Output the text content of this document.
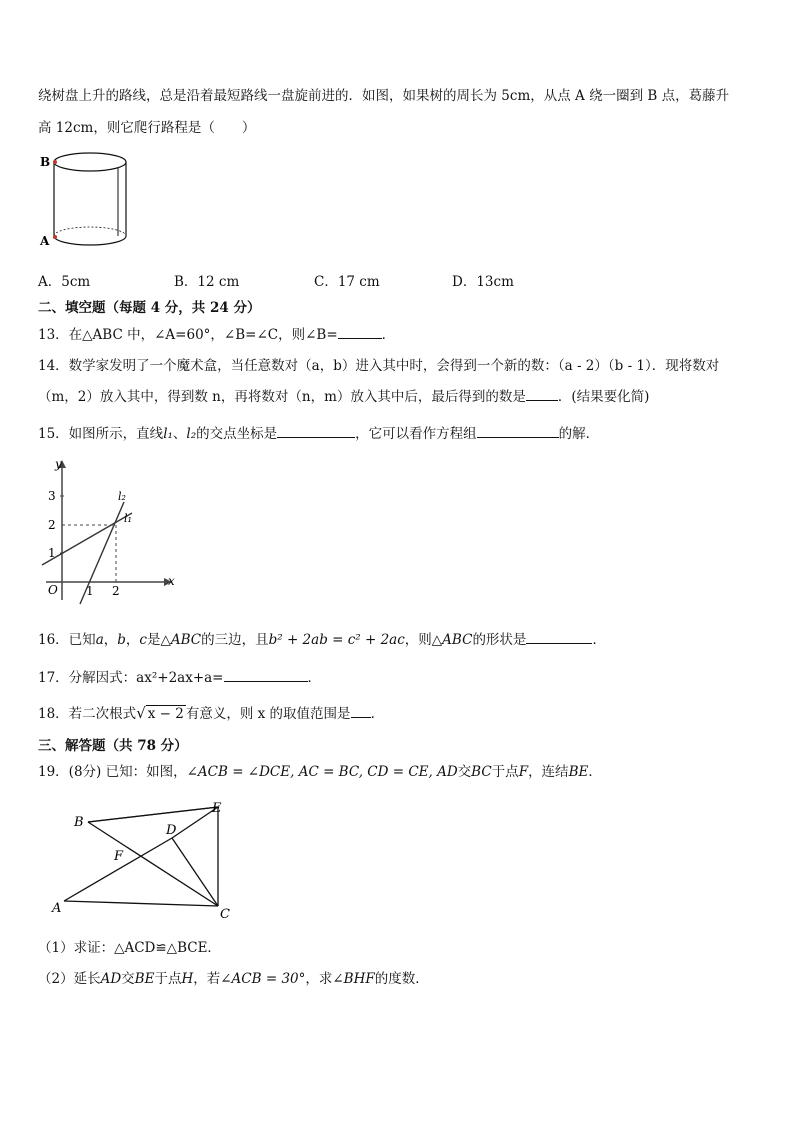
绕树盘上升的路线，总是沿着最短路线一盘旋前进的．如图，如果树的周长为 5cm，从点 A 绕一圈到 B 点，葛藤升
高 12cm，则它爬行路程是（　　）
B
A
A．5cm	B．12 cm	C．17 cm	D．13cm
二、填空题（每题 4 分，共 24 分）
13．在△ABC 中，∠A=60°，∠B=∠C，则∠B=	．
14．数学家发明了一个魔术盒，当任意数对（a，b）进入其中时，会得到一个新的数：（a - 2）（b - 1）．现将数对
（m，2）放入其中，得到数 n，再将数对（n，m）放入其中后，最后得到的数是 ．(结果要化简)
15．如图所示，直线l₁、l₂的交点坐标是	，它可以看作方程组	的解．
y
x
O
3
2
1
1 2
l₂
l₁
16．已知a，b，c是△ABC的三边，且b² + 2ab = c² + 2ac，则△ABC的形状是	．
17．分解因式：ax²+2ax+a=	．
18．若二次根式√ x − 2 有意义，则 x 的取值范围是 ．
三、解答题（共 78 分）
19．(8分) 已知：如图，∠ACB = ∠DCE, AC = BC, CD = CE, AD交BC于点F，连结BE．
B
D
E
F
A	C
（1）求证：△ACD≌△BCE．
（2）延长AD交BE于点H，若∠ACB = 30°，求∠BHF的度数．
